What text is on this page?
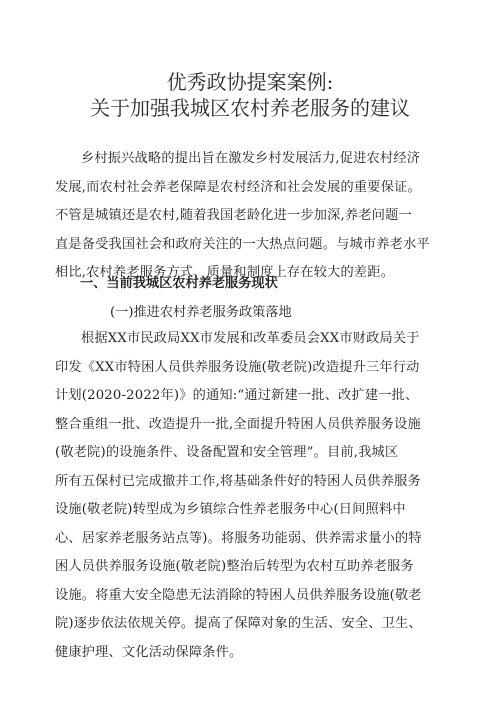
优秀政协提案案例:
关于加强我城区农村养老服务的建议
乡村振兴战略的提出旨在激发乡村发展活力,促进农村经济
发展,而农村社会养老保障是农村经济和社会发展的重要保证。
不管是城镇还是农村,随着我国老龄化进一步加深,养老问题一
直是备受我国社会和政府关注的一大热点问题。与城市养老水平
相比,农村养老服务方式、质量和制度上存在较大的差距。
一、当前我城区农村养老服务现状
(一)推进农村养老服务政策落地
根据XX市民政局XX市发展和改革委员会XX市财政局关于
印发《XX市特困人员供养服务设施(敬老院)改造提升三年行动
计划(2020-2022年)》的通知:“通过新建一批、改扩建一批、
整合重组一批、改造提升一批,全面提升特困人员供养服务设施
(敬老院)的设施条件、设备配置和安全管理”。目前,我城区
所有五保村已完成撤并工作,将基础条件好的特困人员供养服务
设施(敬老院)转型成为乡镇综合性养老服务中心(日间照料中
心、居家养老服务站点等)。将服务功能弱、供养需求量小的特
困人员供养服务设施(敬老院)整治后转型为农村互助养老服务
设施。将重大安全隐患无法消除的特困人员供养服务设施(敬老
院)逐步依法依规关停。提高了保障对象的生活、安全、卫生、
健康护理、文化活动保障条件。
